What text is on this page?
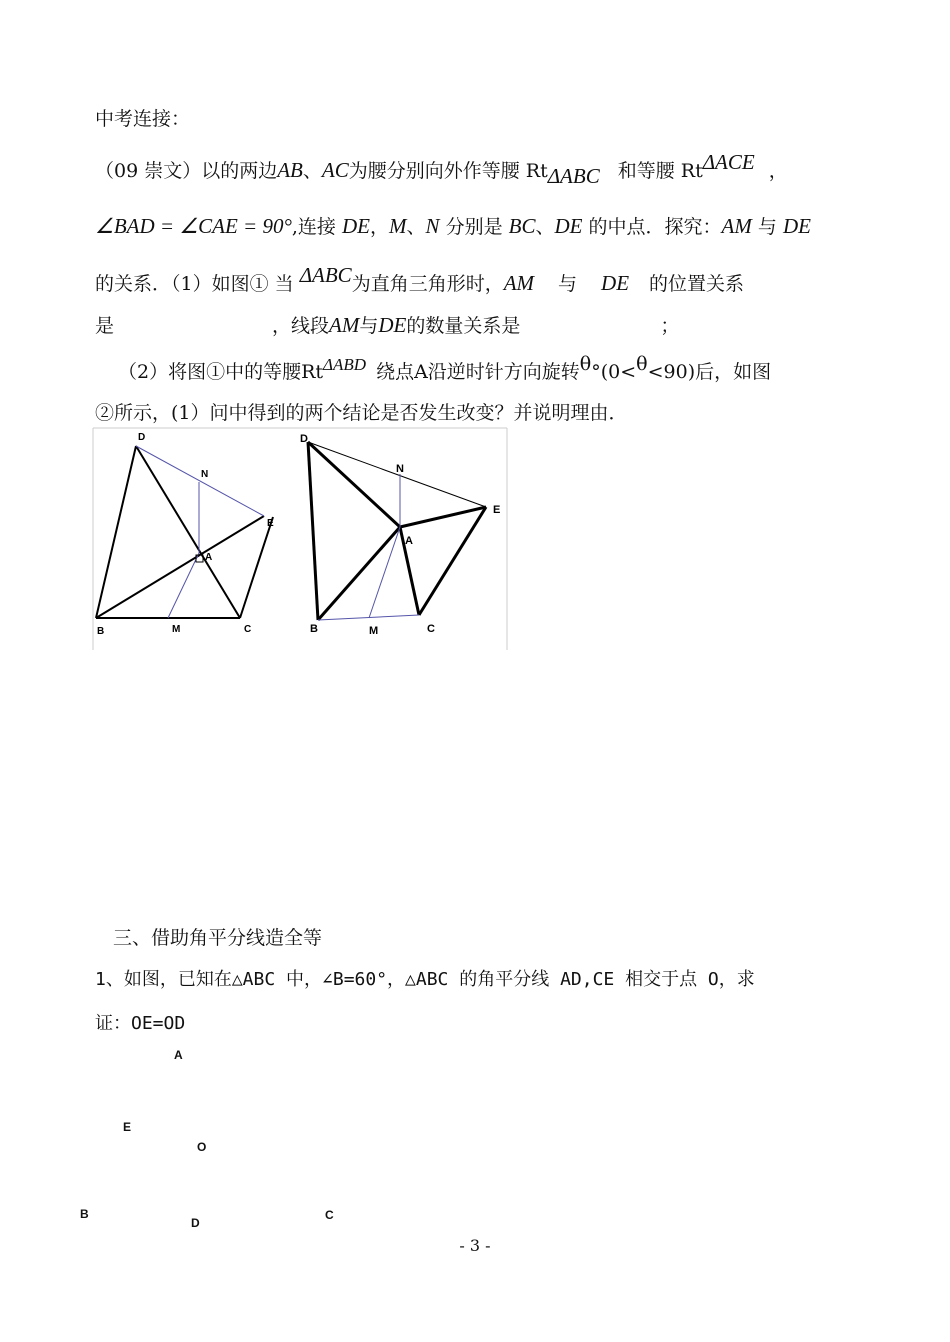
中考连接：
（09 崇文）以的两边AB、AC为腰分别向外作等腰 RtΔABC 和等腰 RtΔACE ，
∠BAD = ∠CAE = 90°,连接 DE，M、N 分别是 BC、DE 的中点．探究：AM 与 DE
的关系．（1）如图① 当 ΔABC为直角三角形时，AM 与 DE 的位置关系
是	，线段AM与DE的数量关系是	；
（2）将图①中的等腰RtΔABD 绕点A沿逆时针方向旋转θ°(0<θ<90)后，如图
②所示，(1）问中得到的两个结论是否发生改变？并说明理由．
D
N
E
A
B	M	C
D
N
E
A
B	M	C
三、借助角平分线造全等
1、如图，已知在△ABC 中，∠B=60°，△ABC 的角平分线 AD,CE 相交于点 O，求
证：OE=OD
A
E
O
B
D
C
- 3 -
